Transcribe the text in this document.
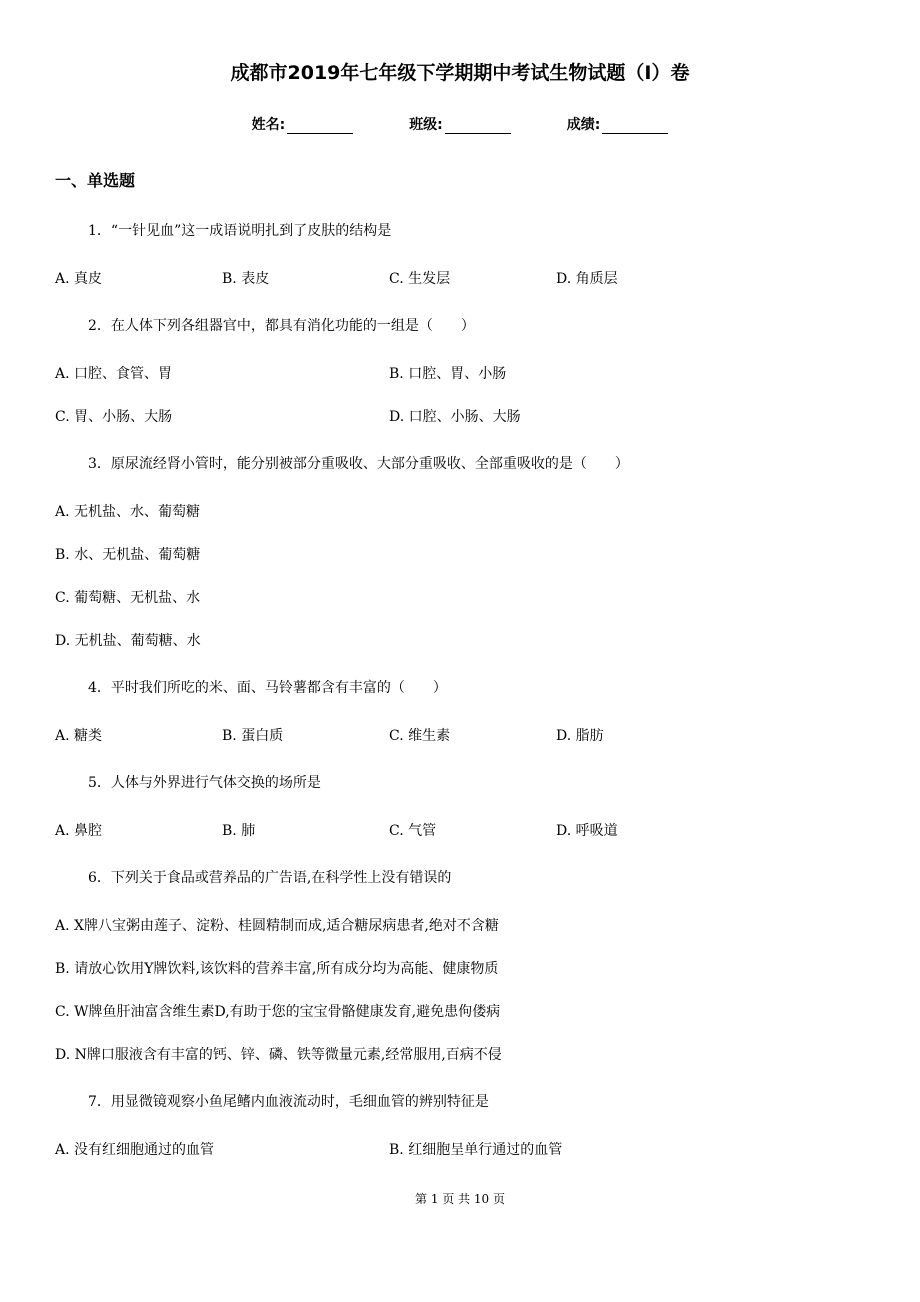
成都市2019年七年级下学期期中考试生物试题（I）卷
姓名:	班级:	成绩:
一、单选题
1．“一针见血”这一成语说明扎到了皮肤的结构是
A. 真皮	B. 表皮	C. 生发层	D. 角质层
2．在人体下列各组器官中，都具有消化功能的一组是（　　）
A. 口腔、食管、胃	B. 口腔、胃、小肠
C. 胃、小肠、大肠	D. 口腔、小肠、大肠
3．原尿流经肾小管时，能分别被部分重吸收、大部分重吸收、全部重吸收的是（　　）
A. 无机盐、水、葡萄糖
B. 水、无机盐、葡萄糖
C. 葡萄糖、无机盐、水
D. 无机盐、葡萄糖、水
4．平时我们所吃的米、面、马铃薯都含有丰富的（　　）
A. 糖类	B. 蛋白质	C. 维生素	D. 脂肪
5．人体与外界进行气体交换的场所是
A. 鼻腔	B. 肺	C. 气管	D. 呼吸道
6．下列关于食品或营养品的广告语,在科学性上没有错误的
A. X牌八宝粥由莲子、淀粉、桂圆精制而成,适合糖尿病患者,绝对不含糖
B. 请放心饮用Y牌饮料,该饮料的营养丰富,所有成分均为高能、健康物质
C. W牌鱼肝油富含维生素D,有助于您的宝宝骨骼健康发育,避免患佝偻病
D. N牌口服液含有丰富的钙、锌、磷、铁等微量元素,经常服用,百病不侵
7．用显微镜观察小鱼尾鳍内血液流动时，毛细血管的辨别特征是
A. 没有红细胞通过的血管	B. 红细胞呈单行通过的血管
第 1 页 共 10 页
